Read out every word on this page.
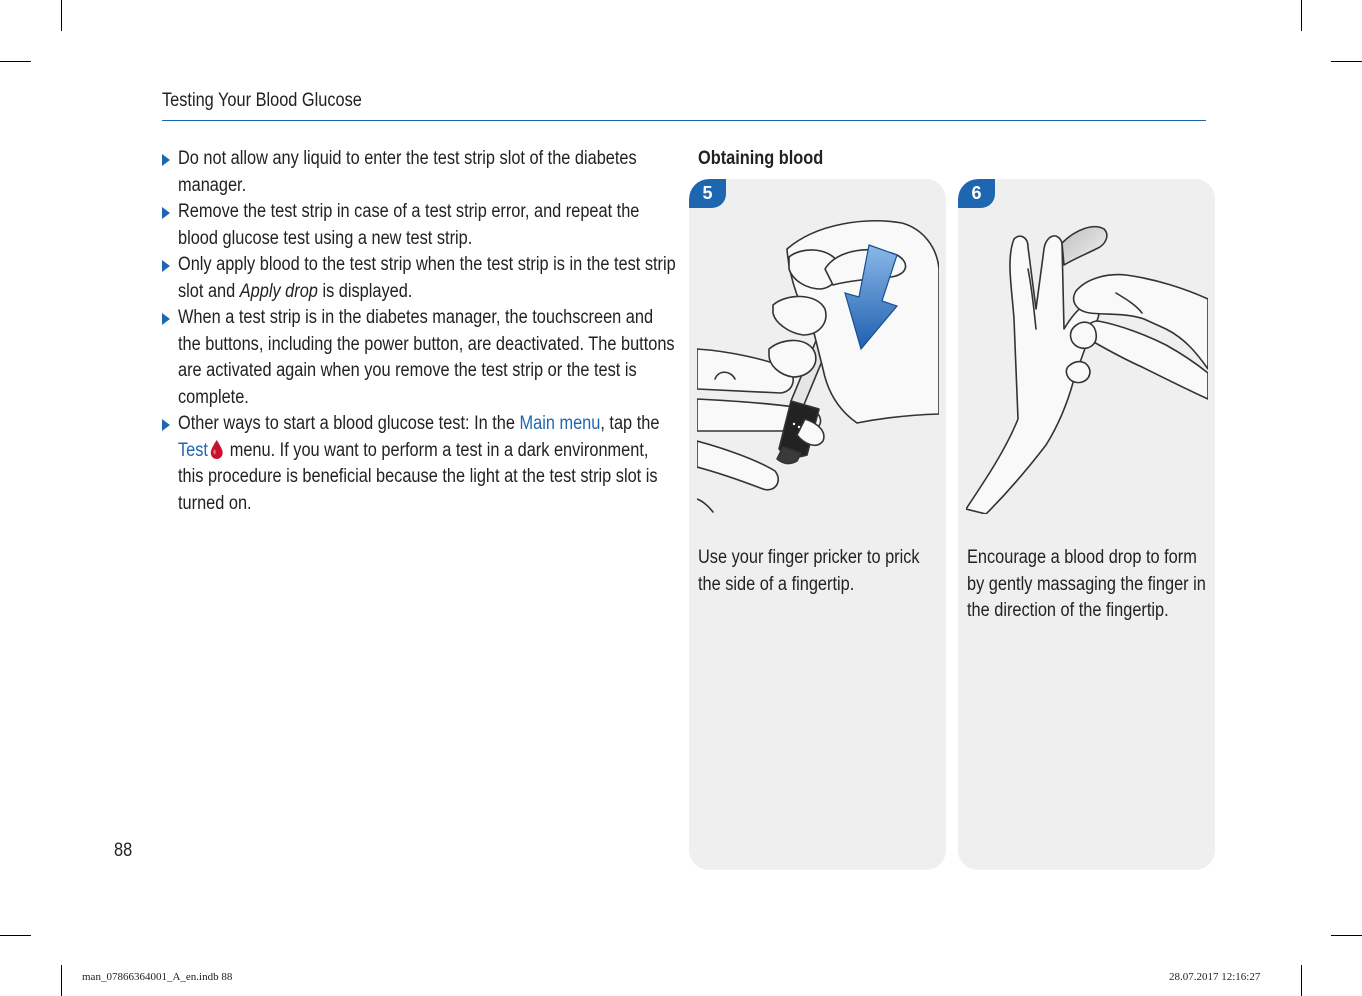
Testing Your Blood Glucose
Do not allow any liquid to enter the test strip slot of the diabetes manager.
Remove the test strip in case of a test strip error, and repeat the blood glucose test using a new test strip.
Only apply blood to the test strip when the test strip is in the test strip slot and Apply drop is displayed.
When a test strip is in the diabetes manager, the touchscreen and the buttons, including the power button, are deactivated. The buttons are activated again when you remove the test strip or the test is complete.
Other ways to start a blood glucose test: In the Main menu, tap the Test menu. If you want to perform a test in a dark environment, this procedure is beneficial because the light at the test strip slot is turned on.
Obtaining blood
5
Use your finger pricker to prick the side of a fingertip.
6
Encourage a blood drop to form by gently massaging the finger in the direction of the fingertip.
88
man_07866364001_A_en.indb 88	28.07.2017 12:16:27
